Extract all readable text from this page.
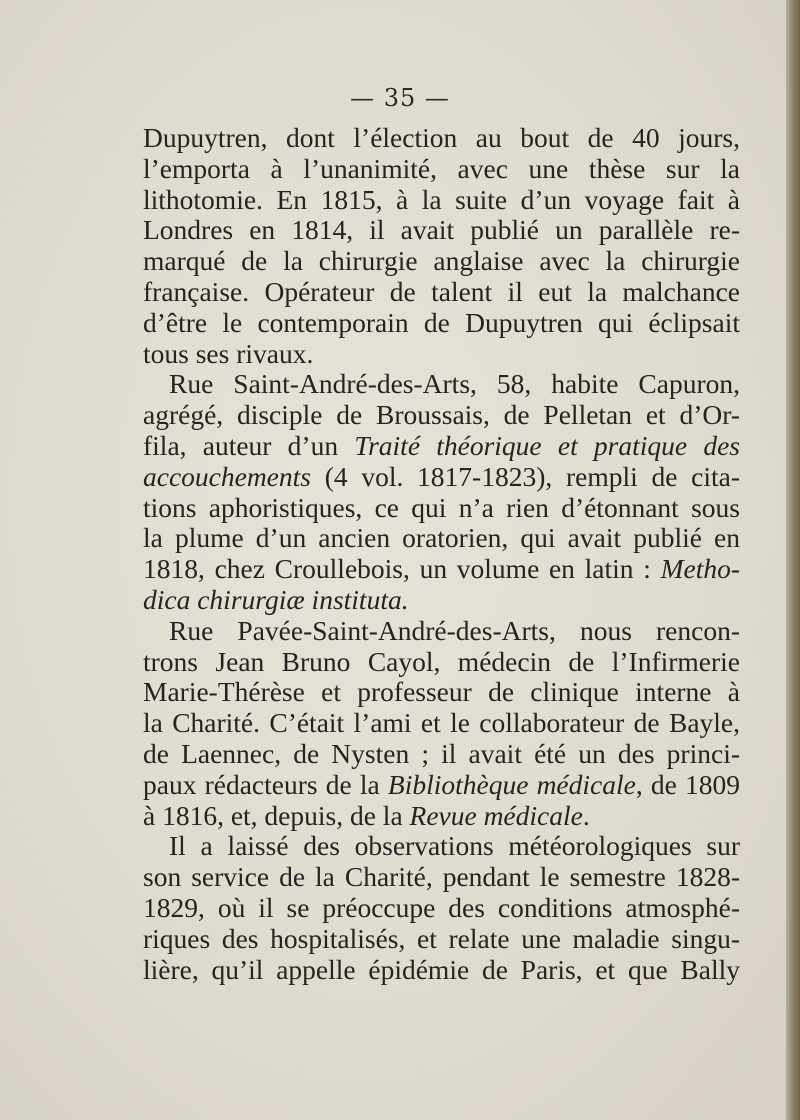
— 35 —
Dupuytren, dont l’élection au bout de 40 jours,
l’emporta à l’unanimité, avec une thèse sur la
lithotomie. En 1815, à la suite d’un voyage fait à
Londres en 1814, il avait publié un parallèle re-
marqué de la chirurgie anglaise avec la chirurgie
française. Opérateur de talent il eut la malchance
d’être le contemporain de Dupuytren qui éclipsait
tous ses rivaux.
Rue Saint-André-des-Arts, 58, habite Capuron,
agrégé, disciple de Broussais, de Pelletan et d’Or-
fila, auteur d’un Traité théorique et pratique des
accouchements (4 vol. 1817-1823), rempli de cita-
tions aphoristiques, ce qui n’a rien d’étonnant sous
la plume d’un ancien oratorien, qui avait publié en
1818, chez Croullebois, un volume en latin : Metho-
dica chirurgiæ instituta.
Rue Pavée-Saint-André-des-Arts, nous rencon-
trons Jean Bruno Cayol, médecin de l’Infirmerie
Marie-Thérèse et professeur de clinique interne à
la Charité. C’était l’ami et le collaborateur de Bayle,
de Laennec, de Nysten ; il avait été un des princi-
paux rédacteurs de la Bibliothèque médicale, de 1809
à 1816, et, depuis, de la Revue médicale.
Il a laissé des observations météorologiques sur
son service de la Charité, pendant le semestre 1828-
1829, où il se préoccupe des conditions atmosphé-
riques des hospitalisés, et relate une maladie singu-
lière, qu’il appelle épidémie de Paris, et que Bally
